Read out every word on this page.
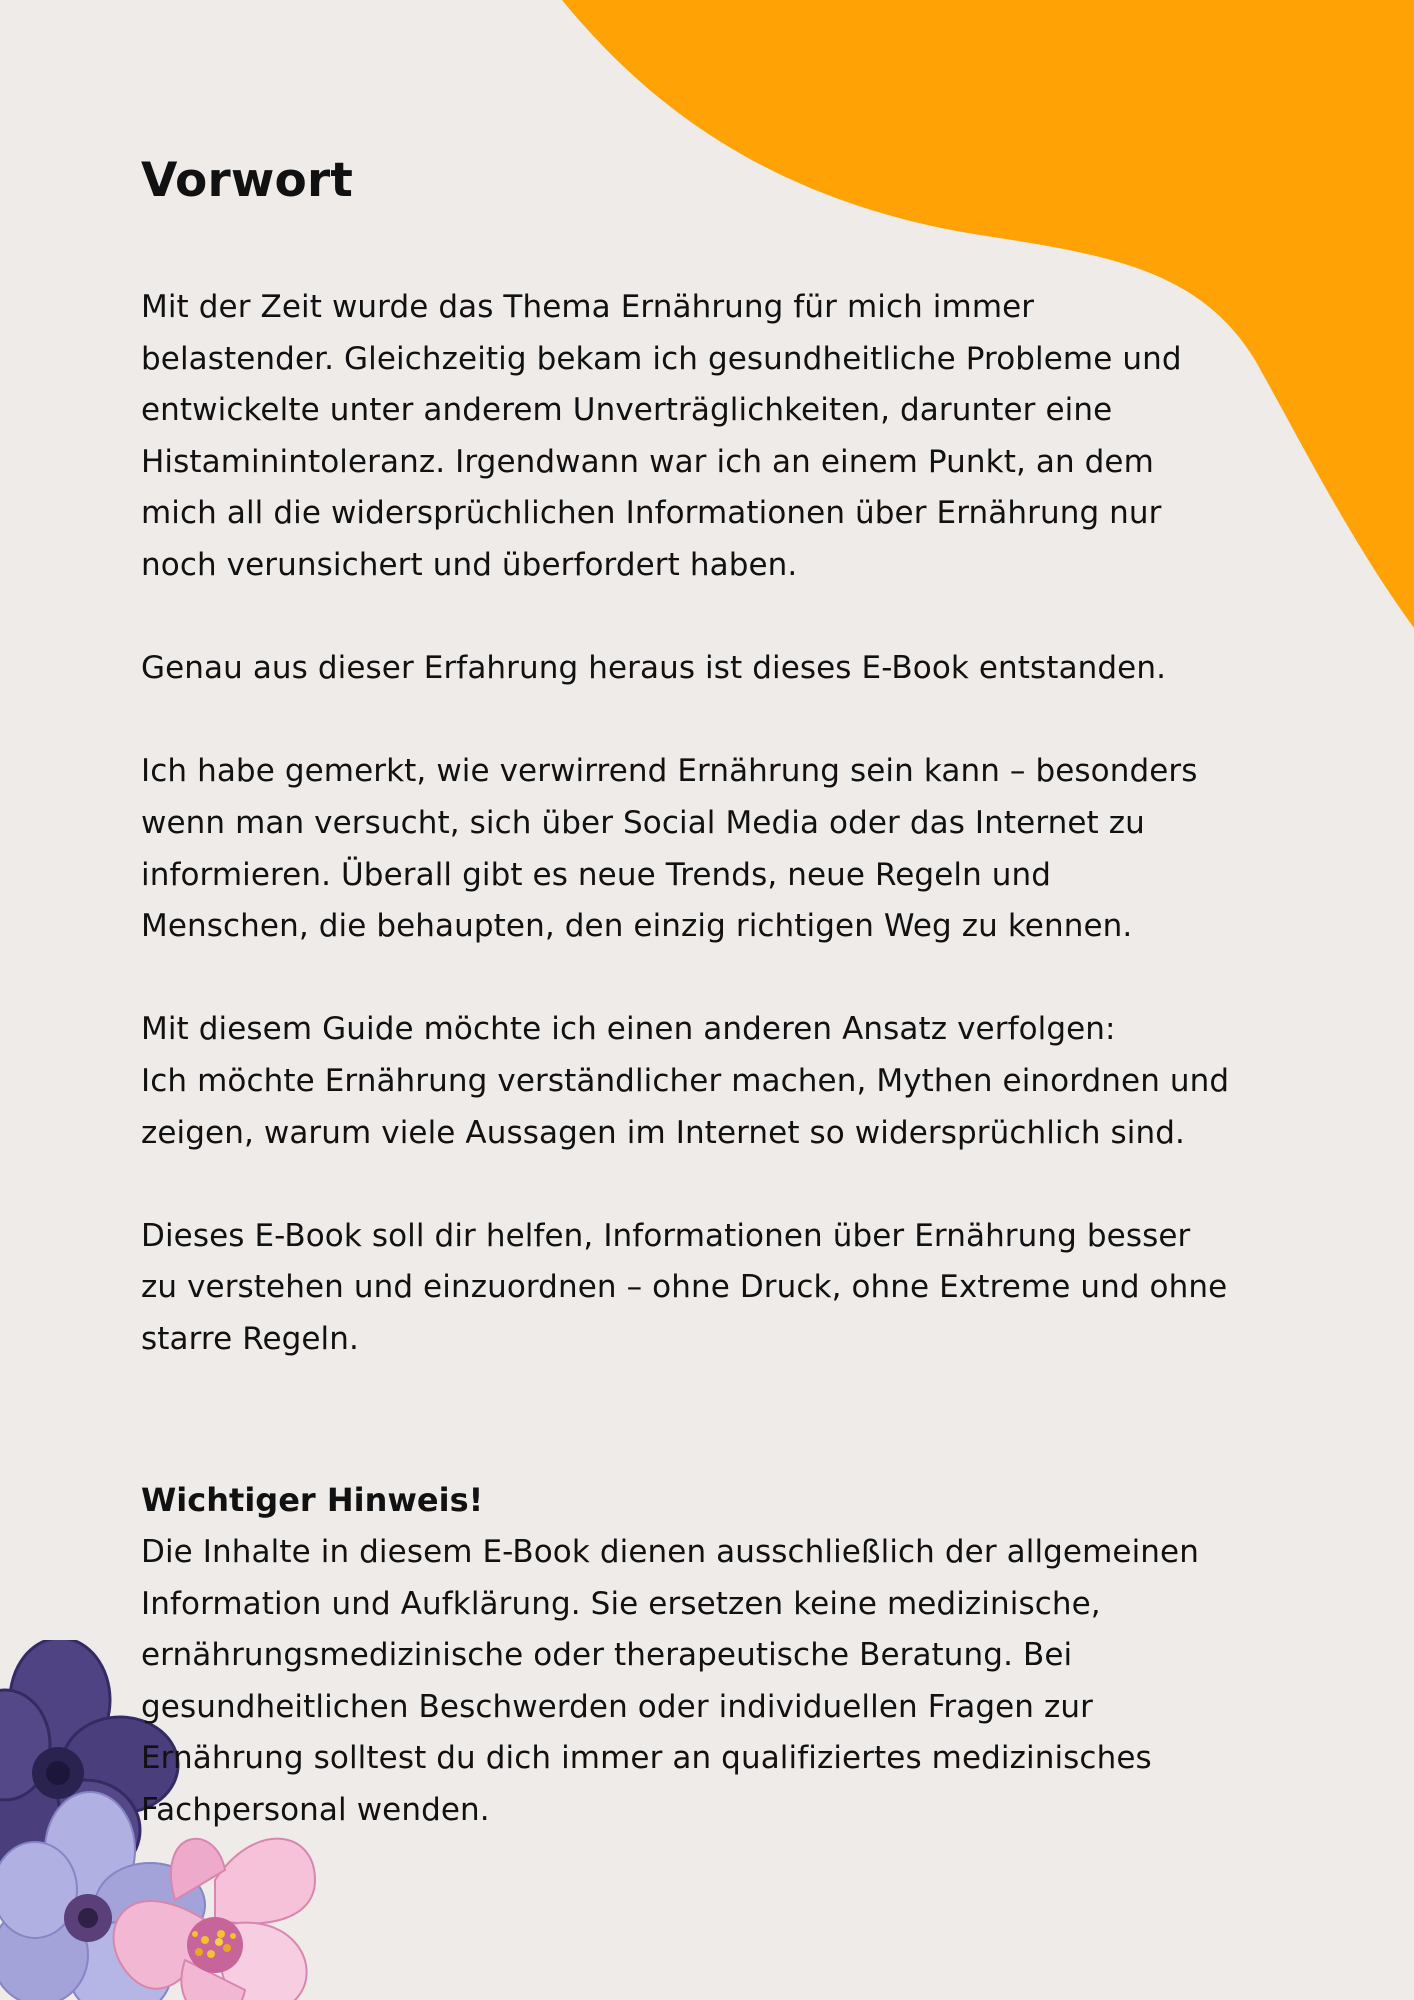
Vorwort
Mit der Zeit wurde das Thema Ernährung für mich immer
belastender. Gleichzeitig bekam ich gesundheitliche Probleme und
entwickelte unter anderem Unverträglichkeiten, darunter eine
Histaminintoleranz. Irgendwann war ich an einem Punkt, an dem
mich all die widersprüchlichen Informationen über Ernährung nur
noch verunsichert und überfordert haben.
Genau aus dieser Erfahrung heraus ist dieses E-Book entstanden.
Ich habe gemerkt, wie verwirrend Ernährung sein kann – besonders
wenn man versucht, sich über Social Media oder das Internet zu
informieren. Überall gibt es neue Trends, neue Regeln und
Menschen, die behaupten, den einzig richtigen Weg zu kennen.
Mit diesem Guide möchte ich einen anderen Ansatz verfolgen:
Ich möchte Ernährung verständlicher machen, Mythen einordnen und
zeigen, warum viele Aussagen im Internet so widersprüchlich sind.
Dieses E-Book soll dir helfen, Informationen über Ernährung besser
zu verstehen und einzuordnen – ohne Druck, ohne Extreme und ohne
starre Regeln.
Wichtiger Hinweis!
Die Inhalte in diesem E-Book dienen ausschließlich der allgemeinen
Information und Aufklärung. Sie ersetzen keine medizinische,
ernährungsmedizinische oder therapeutische Beratung. Bei
gesundheitlichen Beschwerden oder individuellen Fragen zur
Ernährung solltest du dich immer an qualifiziertes medizinisches
Fachpersonal wenden.
